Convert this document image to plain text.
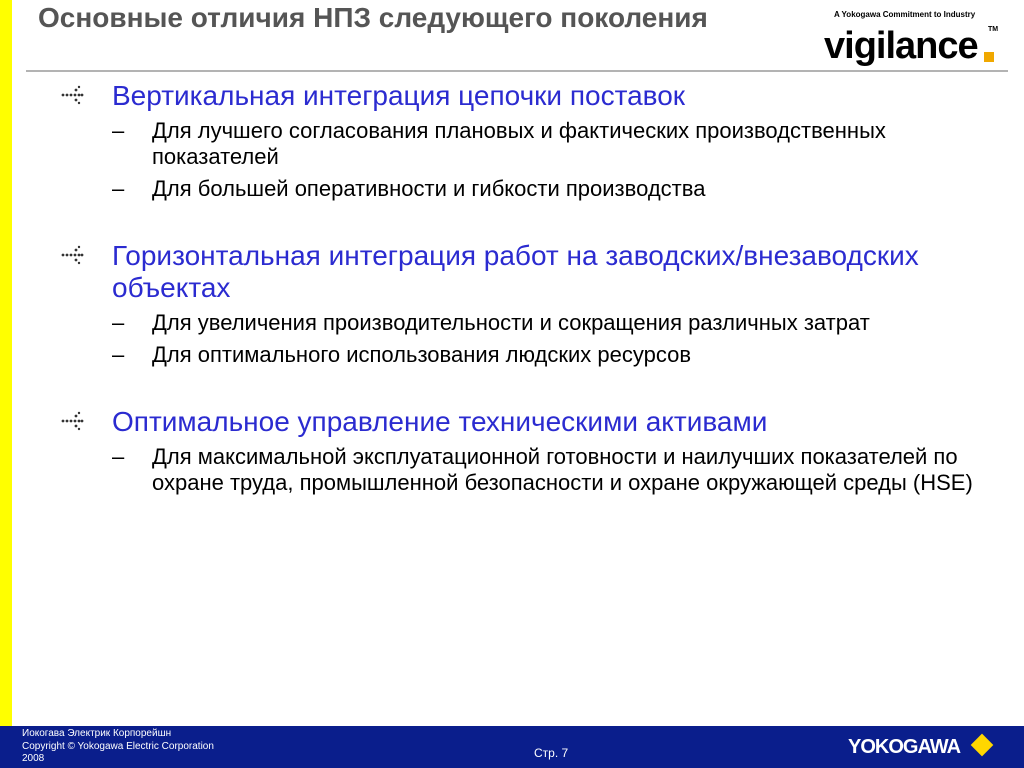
Основные отличия НПЗ следующего поколения	A Yokogawa Commitment to Industry
vigilance TM

Вертикальная интеграция цепочки поставок

– Для лучшего согласования плановых и фактических производственных показателей
– Для большей оперативности и гибкости производства

Горизонтальная интеграция работ на заводских/внезаводских объектах

– Для увеличения производительности и сокращения различных затрат
– Для оптимального использования людских ресурсов

Оптимальное управление техническими активами

– Для максимальной эксплуатационной готовности и наилучших показателей по охране труда, промышленной безопасности и охране окружающей среды (HSE)
Иокогава Электрик Корпорейшн
Copyright © Yokogawa Electric Corporation
2008	Стр. 7	YOKOGAWA
